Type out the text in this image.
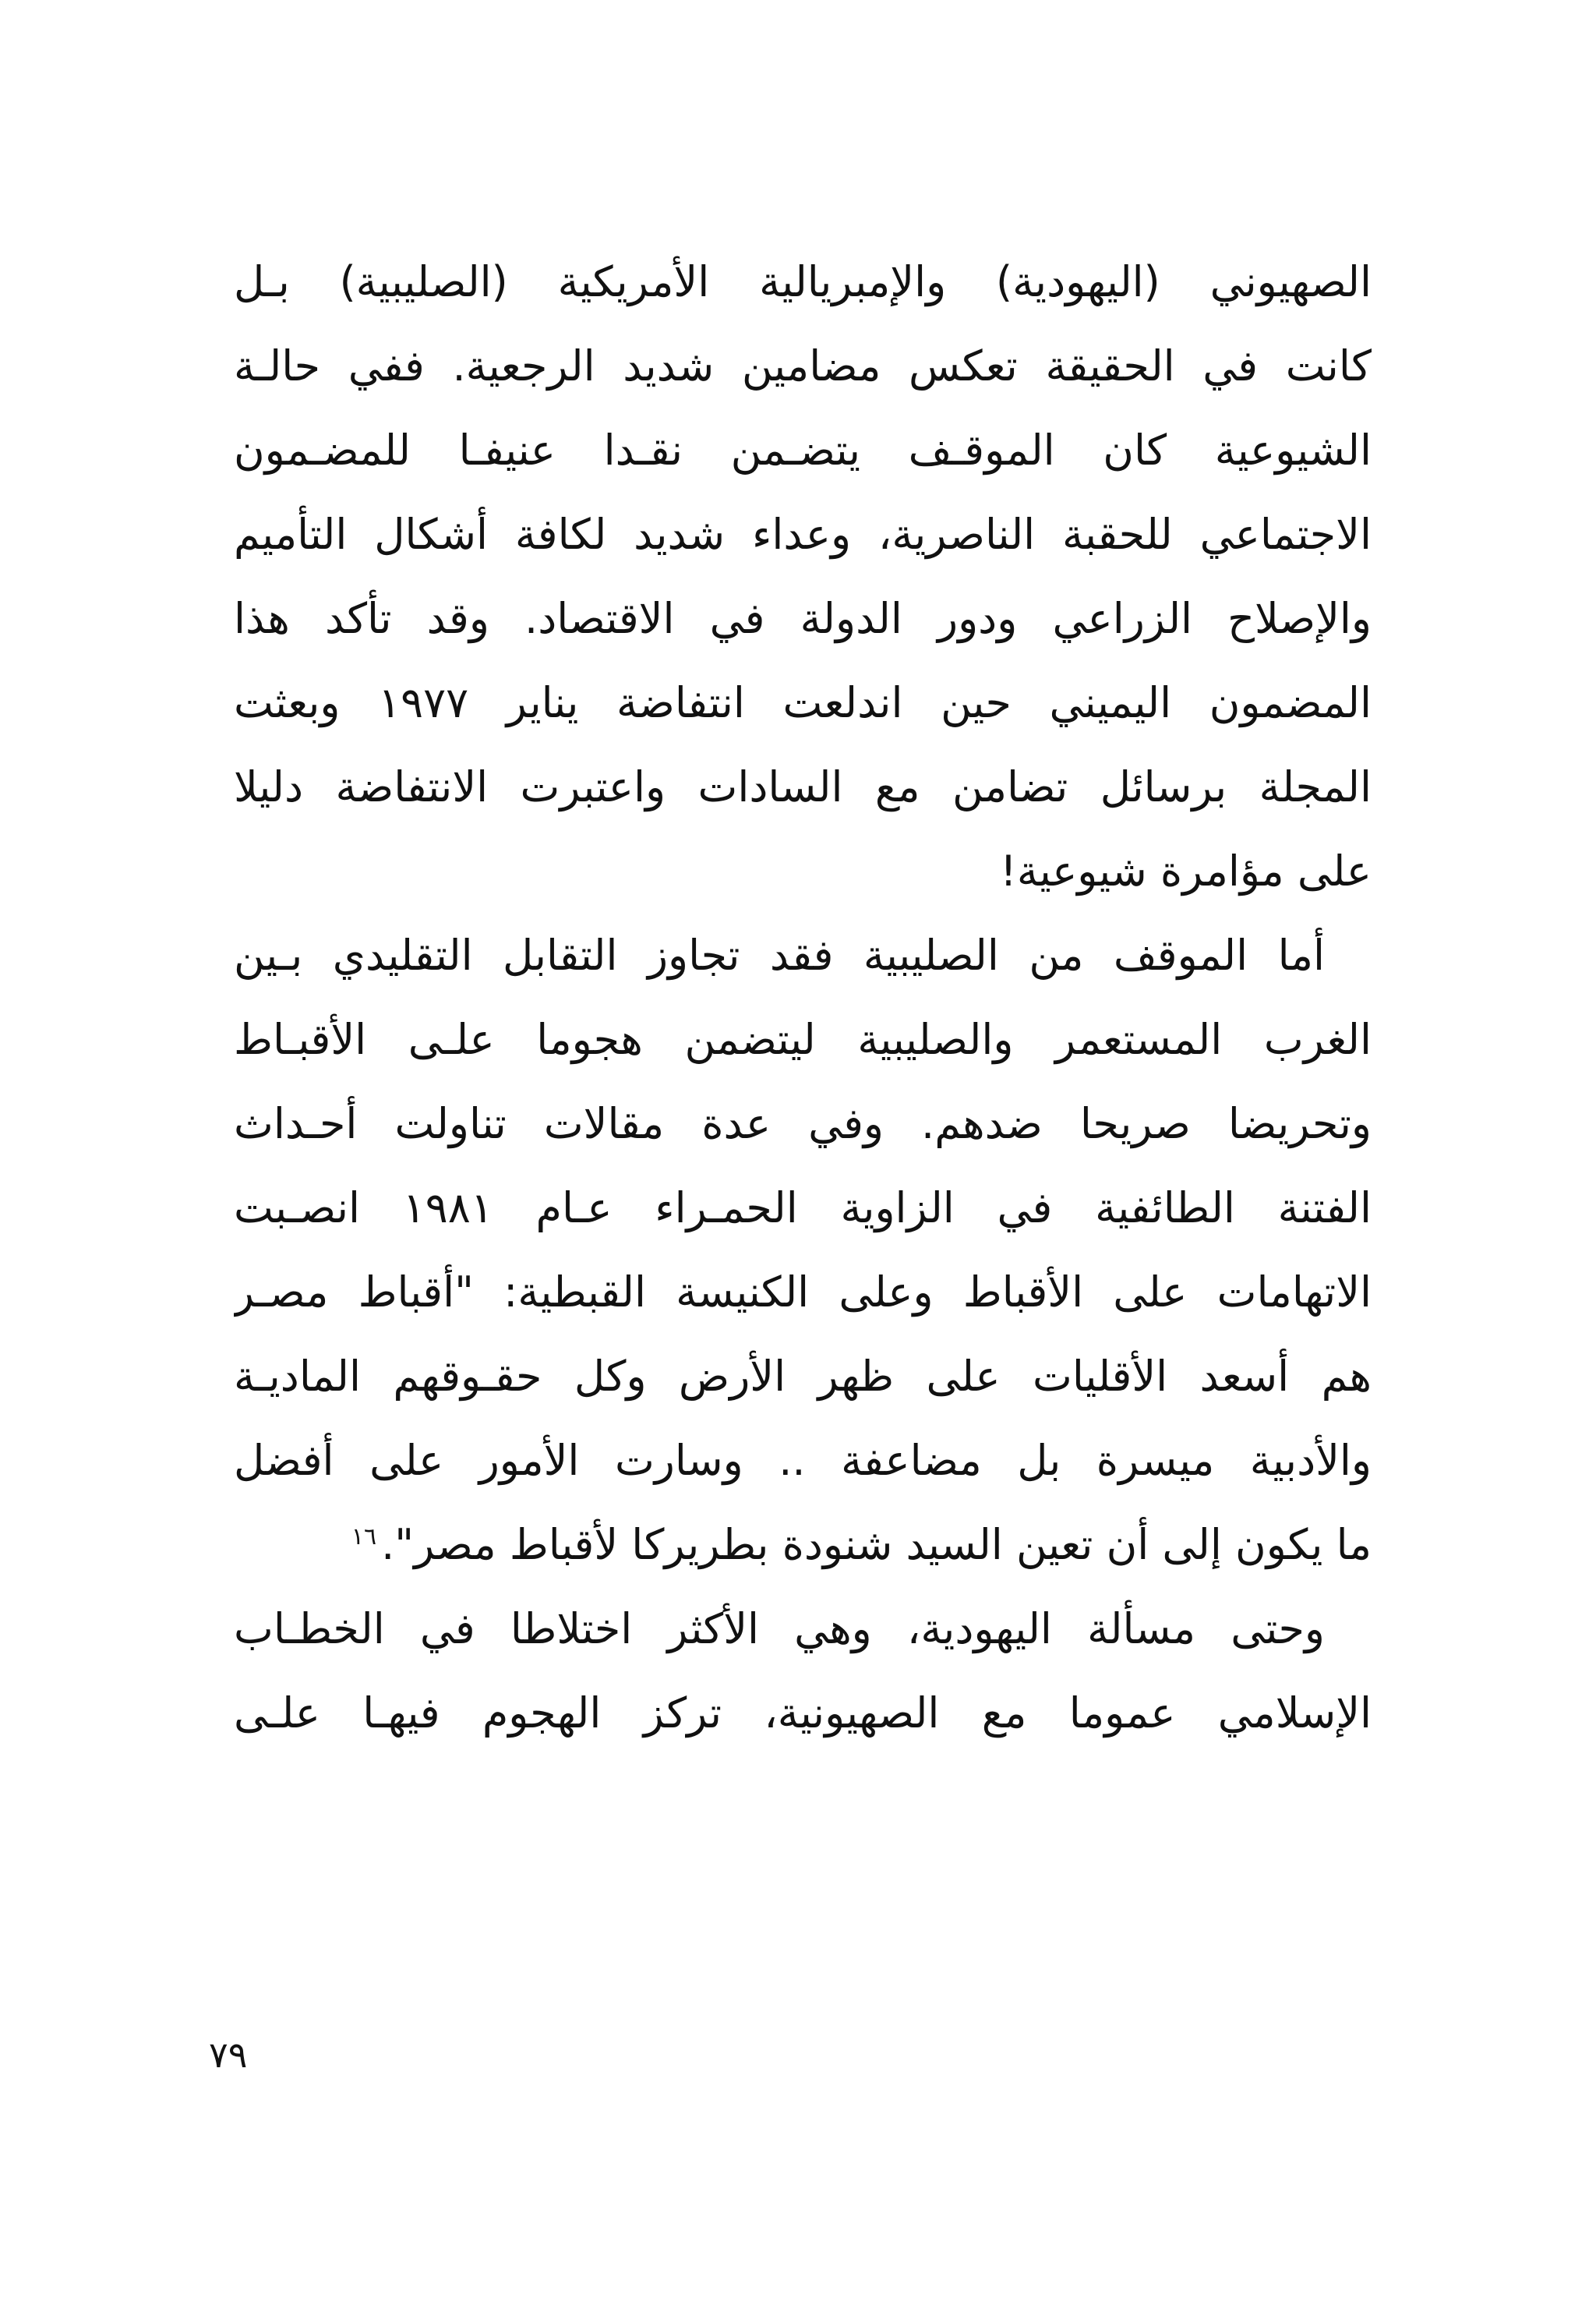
الصهيوني (اليهودية) والإمبريالية الأمريكية (الصليبية) بـل
كانت في الحقيقة تعكس مضامين شديد الرجعية. ففي حالـة
الشيوعية كان الموقـف يتضـمن نقـدا عنيفـا للمضـمون
الاجتماعي للحقبة الناصرية، وعداء شديد لكافة أشكال التأميم
والإصلاح الزراعي ودور الدولة في الاقتصاد. وقد تأكد هذا
المضمون اليميني حين اندلعت انتفاضة يناير ١٩٧٧ وبعثت
المجلة برسائل تضامن مع السادات واعتبرت الانتفاضة دليلا
على مؤامرة شيوعية!
أما الموقف من الصليبية فقد تجاوز التقابل التقليدي بـين
الغرب المستعمر والصليبية ليتضمن هجوما علـى الأقبـاط
وتحريضا صريحا ضدهم. وفي عدة مقالات تناولت أحـداث
الفتنة الطائفية في الزاوية الحمـراء عـام ١٩٨١ انصـبت
الاتهامات على الأقباط وعلى الكنيسة القبطية: "أقباط مصـر
هم أسعد الأقليات على ظهر الأرض وكل حقـوقهم الماديـة
والأدبية ميسرة بل مضاعفة .. وسارت الأمور على أفضل
ما يكون إلى أن تعين السيد شنودة بطريركا لأقباط مصر".$^{١٦}$
وحتى مسألة اليهودية، وهي الأكثر اختلاطا في الخطـاب
الإسلامي عموما مع الصهيونية، تركز الهجوم فيهـا علـى
٧٩
